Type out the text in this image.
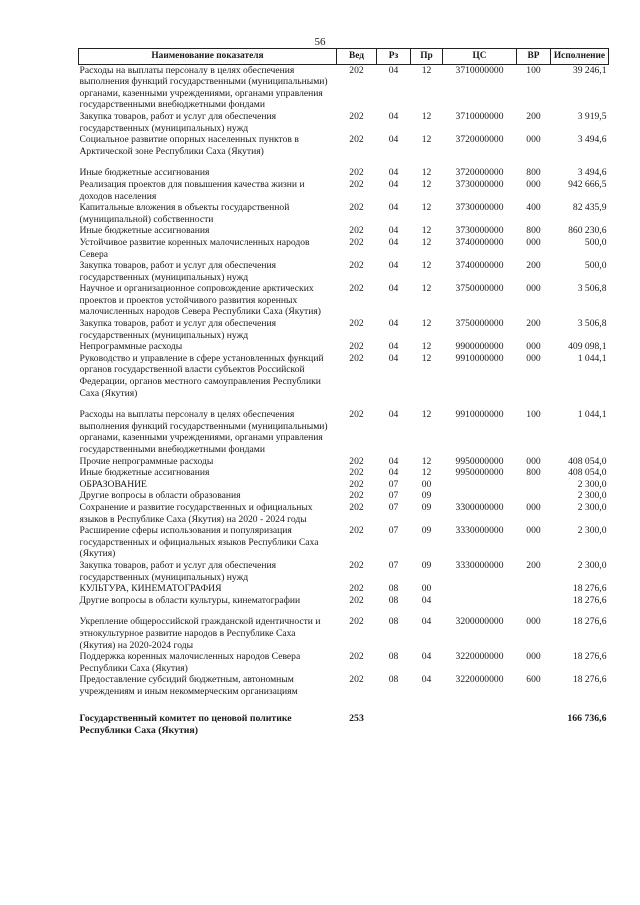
56
Наименование показателя	Вед	Рз	Пр	ЦС	ВР	Исполнение
Расходы на выплаты персоналу в целях обеспечения выполнения функций государственными (муниципальными) органами, казенными учреждениями, органами управления государственными внебюджетными фондами	202	04	12	3710000000	100	39 246,1
Закупка товаров, работ и услуг для обеспечения государственных (муниципальных) нужд	202	04	12	3710000000	200	3 919,5
Социальное развитие опорных населенных пунктов в Арктической зоне Республики Саха (Якутия)	202	04	12	3720000000	000	3 494,6
Иные бюджетные ассигнования	202	04	12	3720000000	800	3 494,6
Реализация проектов для повышения качества жизни и доходов населения	202	04	12	3730000000	000	942 666,5
Капитальные вложения в объекты государственной (муниципальной) собственности	202	04	12	3730000000	400	82 435,9
Иные бюджетные ассигнования	202	04	12	3730000000	800	860 230,6
Устойчивое развитие коренных малочисленных народов Севера	202	04	12	3740000000	000	500,0
Закупка товаров, работ и услуг для обеспечения государственных (муниципальных) нужд	202	04	12	3740000000	200	500,0
Научное и организационное сопровождение арктических проектов и проектов устойчивого развития коренных малочисленных народов Севера Республики Саха (Якутия)	202	04	12	3750000000	000	3 506,8
Закупка товаров, работ и услуг для обеспечения государственных (муниципальных) нужд	202	04	12	3750000000	200	3 506,8
Непрограммные расходы	202	04	12	9900000000	000	409 098,1
Руководство и управление в сфере установленных функций органов государственной власти субъектов Российской Федерации, органов местного самоуправления Республики Саха (Якутия)	202	04	12	9910000000	000	1 044,1
Расходы на выплаты персоналу в целях обеспечения выполнения функций государственными (муниципальными) органами, казенными учреждениями, органами управления государственными внебюджетными фондами	202	04	12	9910000000	100	1 044,1
Прочие непрограммные расходы	202	04	12	9950000000	000	408 054,0
Иные бюджетные ассигнования	202	04	12	9950000000	800	408 054,0
ОБРАЗОВАНИЕ	202	07	00			2 300,0
Другие вопросы в области образования	202	07	09			2 300,0
Сохранение и развитие государственных и официальных языков в Республике Саха (Якутия) на 2020 - 2024 годы	202	07	09	3300000000	000	2 300,0
Расширение сферы использования и популяризация государственных и официальных языков Республики Саха (Якутия)	202	07	09	3330000000	000	2 300,0
Закупка товаров, работ и услуг для обеспечения государственных (муниципальных) нужд	202	07	09	3330000000	200	2 300,0
КУЛЬТУРА, КИНЕМАТОГРАФИЯ	202	08	00			18 276,6
Другие вопросы в области культуры, кинематографии	202	08	04			18 276,6
Укрепление общероссийской гражданской идентичности и этнокультурное развитие народов в Республике Саха (Якутия) на 2020-2024 годы	202	08	04	3200000000	000	18 276,6
Поддержка коренных малочисленных народов Севера Республики Саха (Якутия)	202	08	04	3220000000	000	18 276,6
Предоставление субсидий бюджетным, автономным учреждениям и иным некоммерческим организациям	202	08	04	3220000000	600	18 276,6
Государственный комитет по ценовой политике Республики Саха (Якутия)	253					166 736,6
